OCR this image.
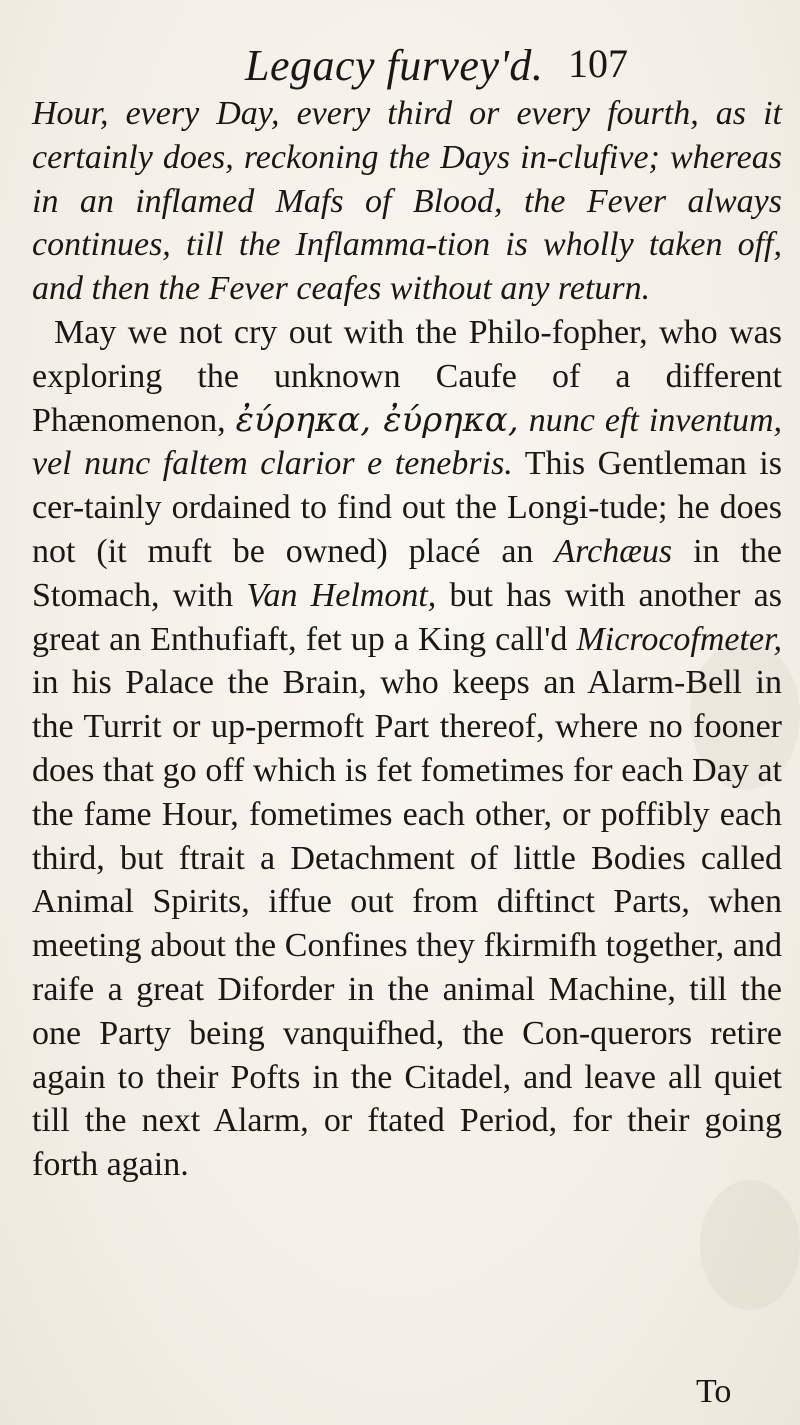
Legacy furvey'd. 107

Hour, every Day, every third or every fourth, as it certainly does, reckoning the Days in-clufive; whereas in an inflamed Mafs of Blood, the Fever always continues, till the Inflamma-tion is wholly taken off, and then the Fever ceafes without any return.

May we not cry out with the Philo-fopher, who was exploring the unknown Caufe of a different Phænomenon, ἐύρηκα, ἐύρηκα, nunc eft inventum, vel nunc faltem clarior e tenebris. This Gentleman is cer-tainly ordained to find out the Longi-tude; he does not (it muft be owned) placé an Archæus in the Stomach, with Van Helmont, but has with another as great an Enthufiaft, fet up a King call'd Microcofmeter, in his Palace the Brain, who keeps an Alarm-Bell in the Turrit or up-permoft Part thereof, where no fooner does that go off which is fet fometimes for each Day at the fame Hour, fometimes each other, or poffibly each third, but ftrait a Detachment of little Bodies called Animal Spirits, iffue out from diftinct Parts, when meeting about the Confines they fkirmifh together, and raife a great Diforder in the animal Machine, till the one Party being vanquifhed, the Con-querors retire again to their Pofts in the Citadel, and leave all quiet till the next Alarm, or ftated Period, for their going forth again.

To
